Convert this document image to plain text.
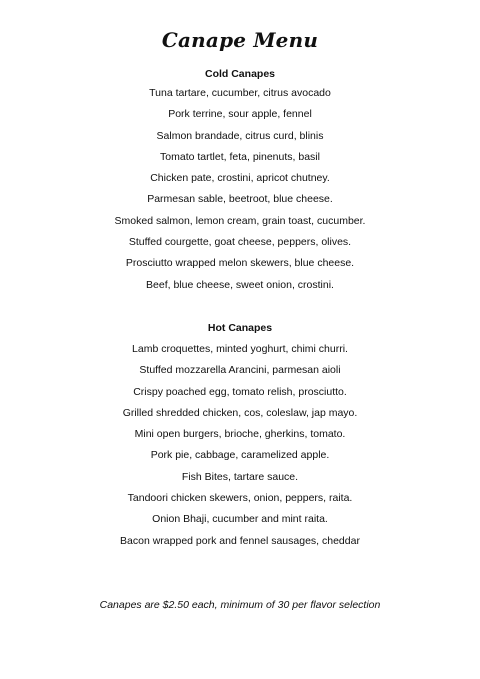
Canape Menu
Cold Canapes
Tuna tartare, cucumber, citrus avocado
Pork terrine, sour apple, fennel
Salmon brandade, citrus curd, blinis
Tomato tartlet, feta, pinenuts, basil
Chicken pate, crostini, apricot chutney.
Parmesan sable, beetroot, blue cheese.
Smoked salmon, lemon cream, grain toast, cucumber.
Stuffed courgette, goat cheese, peppers, olives.
Prosciutto wrapped melon skewers, blue cheese.
Beef, blue cheese, sweet onion, crostini.
Hot Canapes
Lamb croquettes, minted yoghurt, chimi churri.
Stuffed mozzarella Arancini, parmesan aioli
Crispy poached egg, tomato relish, prosciutto.
Grilled shredded chicken, cos, coleslaw, jap mayo.
Mini open burgers, brioche, gherkins, tomato.
Pork pie, cabbage, caramelized apple.
Fish Bites, tartare sauce.
Tandoori chicken skewers, onion, peppers, raita.
Onion Bhaji, cucumber and mint raita.
Bacon wrapped pork and fennel sausages, cheddar
Canapes are $2.50 each, minimum of 30 per flavor selection
